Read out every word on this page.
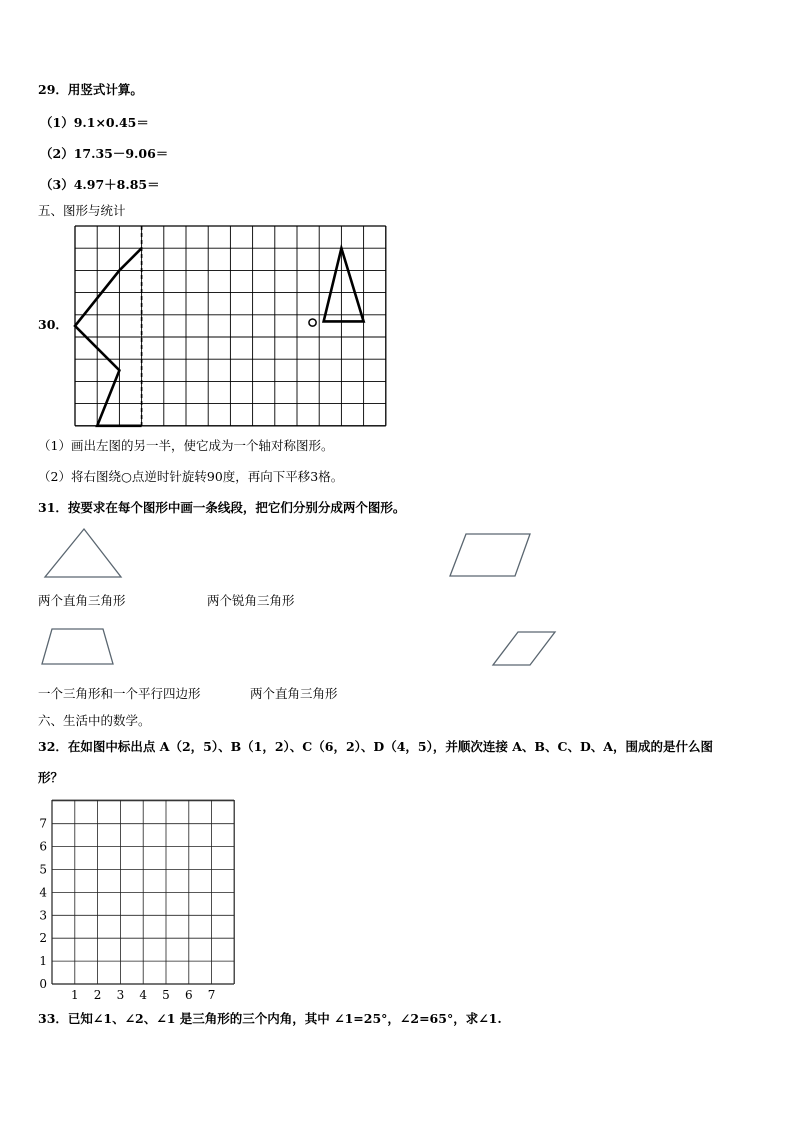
29．用竖式计算。
（1）9.1×0.45＝
（2）17.35－9.06＝
（3）4.97＋8.85＝
五、图形与统计
30．
（1）画出左图的另一半，使它成为一个轴对称图形。
（2）将右图绕○点逆时针旋转90度，再向下平移3格。
31．按要求在每个图形中画一条线段，把它们分别分成两个图形。
两个直角三角形	两个锐角三角形
一个三角形和一个平行四边形	两个直角三角形
六、生活中的数学。
32．在如图中标出点 A（2，5）、B（1，2）、C（6，2）、D（4，5），并顺次连接 A、B、C、D、A，围成的是什么图
形？
1 2 3 4 5 6 7
0
1
2
3
4
5
6
7
33．已知∠1、∠2、∠1 是三角形的三个内角，其中 ∠1=25°，∠2=65°，求∠1.
